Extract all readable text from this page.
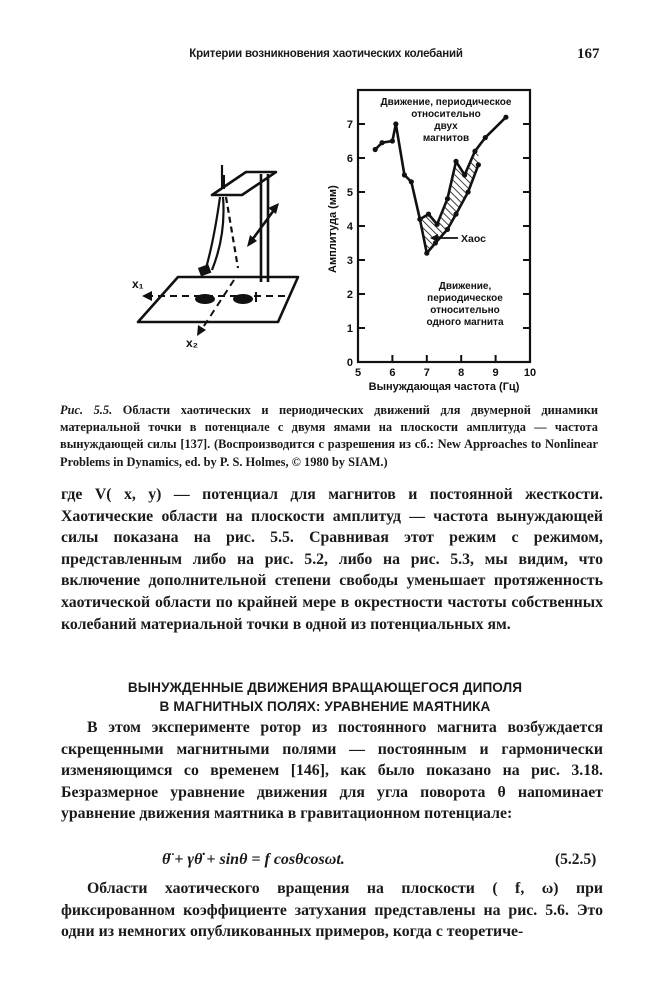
Критерии возникновения хаотических колебаний	167
x₁
x₂
0
1
2
3
4
5
6
7
5	6	7	8	9 10
Амплитуда (мм)
Вынуждающая частота (Гц)
Движение, периодическое
относительно
двух
магнитов
Движение,
периодическое
относительно
одного магнита
Хаос
Рис. 5.5. Области хаотических и периодических движений для двумерной динамики материальной точки в потенциале с двумя ямами на плоскости амплитуда — частота вынуждающей силы [137]. (Воспроизводится с разрешения из сб.: New Approaches to Nonlinear Problems in Dynamics, ed. by P. S. Holmes, © 1980 by SIAM.)
где V( x, y) — потенциал для магнитов и постоянной жесткости. Хаотические области на плоскости амплитуд — частота вынуждающей силы показана на рис. 5.5. Сравнивая этот режим с режимом, представленным либо на рис. 5.2, либо на рис. 5.3, мы видим, что включение дополнительной степени свободы уменьшает протяженность хаотической области по крайней мере в окрестности частоты собственных колебаний материальной точки в одной из потенциальных ям.
ВЫНУЖДЕННЫЕ ДВИЖЕНИЯ ВРАЩАЮЩЕГОСЯ ДИПОЛЯ
В МАГНИТНЫХ ПОЛЯХ: УРАВНЕНИЕ МАЯТНИКА
В этом эксперименте ротор из постоянного магнита возбуждается скрещенными магнитными полями — постоянным и гармонически изменяющимся со временем [146], как было показано на рис. 3.18. Безразмерное уравнение движения для угла поворота θ напоминает уравнение движения маятника в гравитационном потенциале:
θ̈ + γθ̇ + sinθ = f cosθcosωt.	(5.2.5)
Области хаотического вращения на плоскости ( f, ω) при фиксированном коэффициенте затухания представлены на рис. 5.6. Это одни из немногих опубликованных примеров, когда с теоретиче-
